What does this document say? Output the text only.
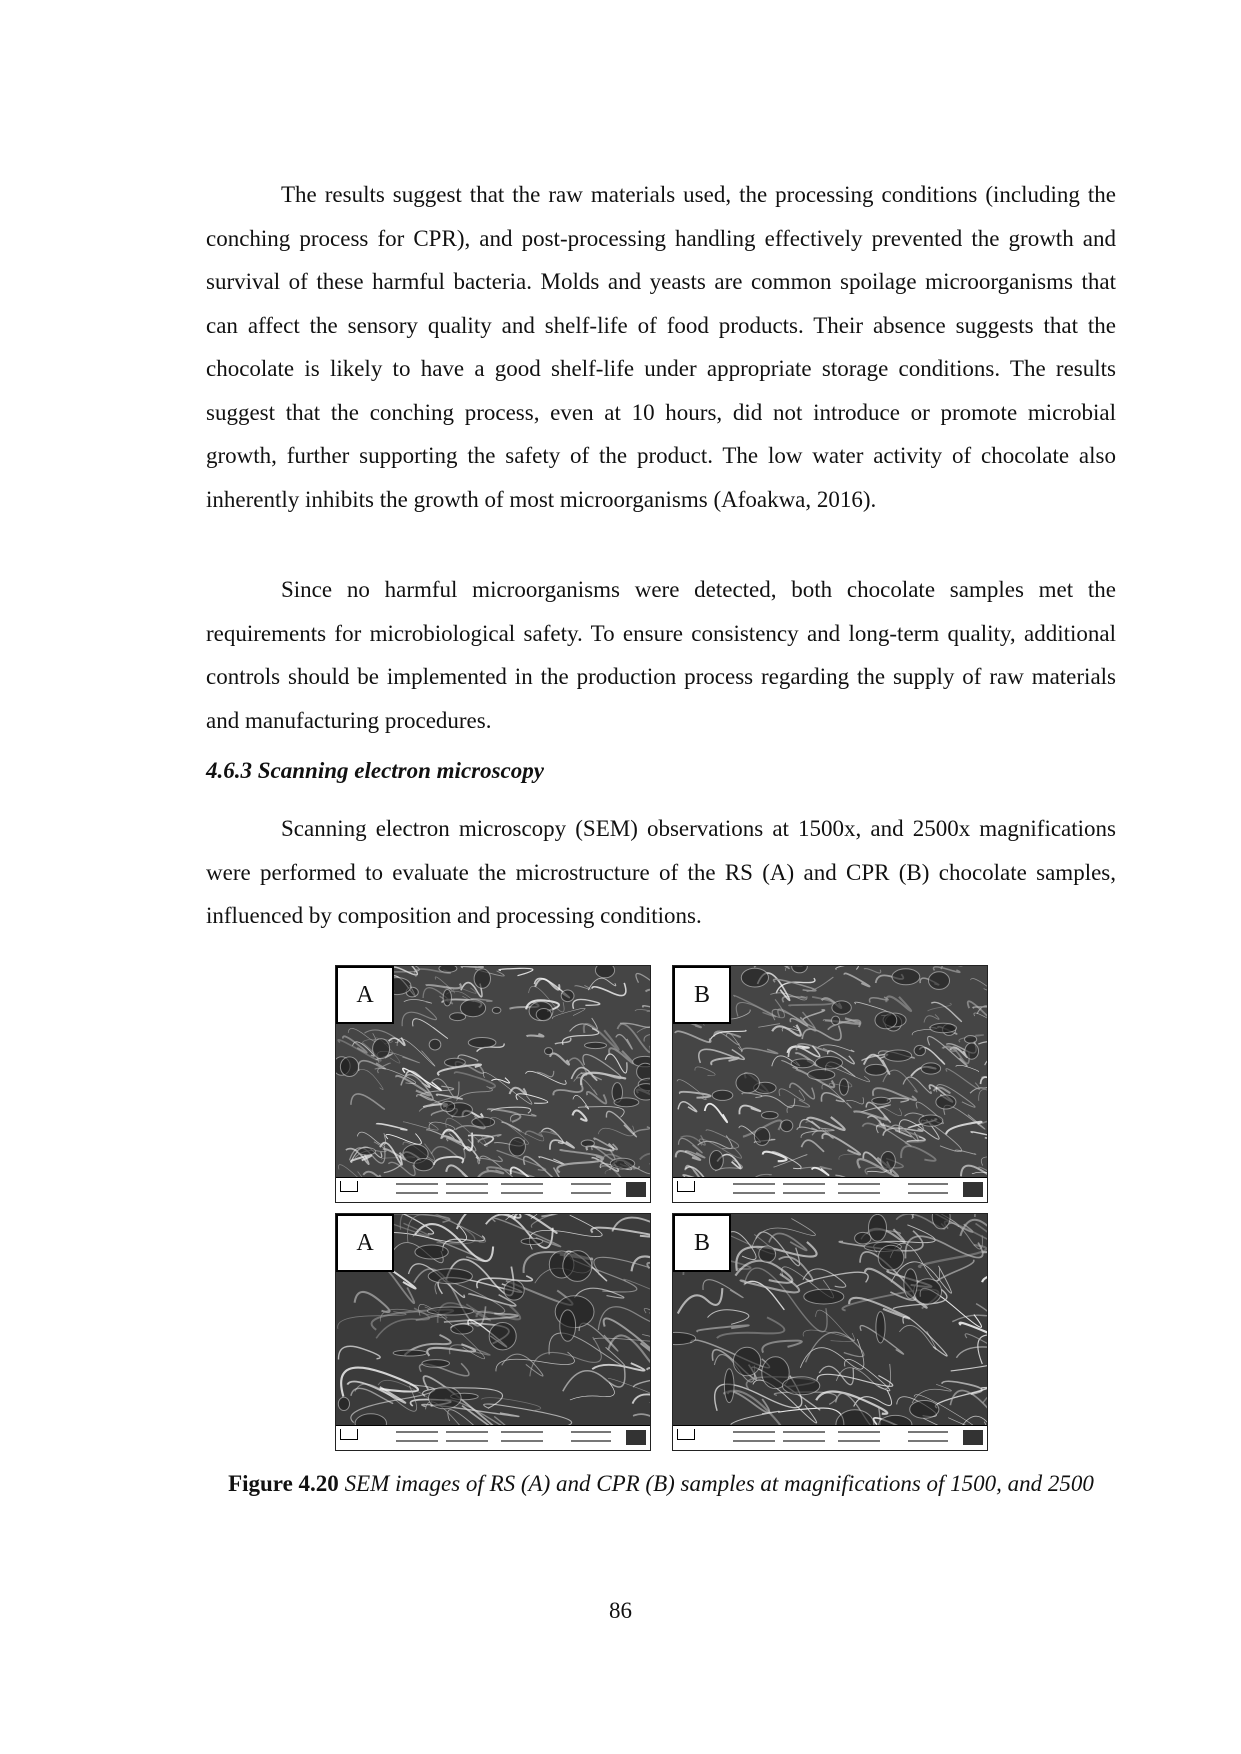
The results suggest that the raw materials used, the processing conditions (including the conching process for CPR), and post-processing handling effectively prevented the growth and survival of these harmful bacteria. Molds and yeasts are common spoilage microorganisms that can affect the sensory quality and shelf-life of food products. Their absence suggests that the chocolate is likely to have a good shelf-life under appropriate storage conditions. The results suggest that the conching process, even at 10 hours, did not introduce or promote microbial growth, further supporting the safety of the product. The low water activity of chocolate also inherently inhibits the growth of most microorganisms (Afoakwa, 2016).

Since no harmful microorganisms were detected, both chocolate samples met the requirements for microbiological safety. To ensure consistency and long-term quality, additional controls should be implemented in the production process regarding the supply of raw materials and manufacturing procedures.

4.6.3 Scanning electron microscopy

Scanning electron microscopy (SEM) observations at 1500x, and 2500x magnifications were performed to evaluate the microstructure of the RS (A) and CPR (B) chocolate samples, influenced by composition and processing conditions.

A	B
A	B

Figure 4.20 SEM images of RS (A) and CPR (B) samples at magnifications of 1500, and 2500

86
